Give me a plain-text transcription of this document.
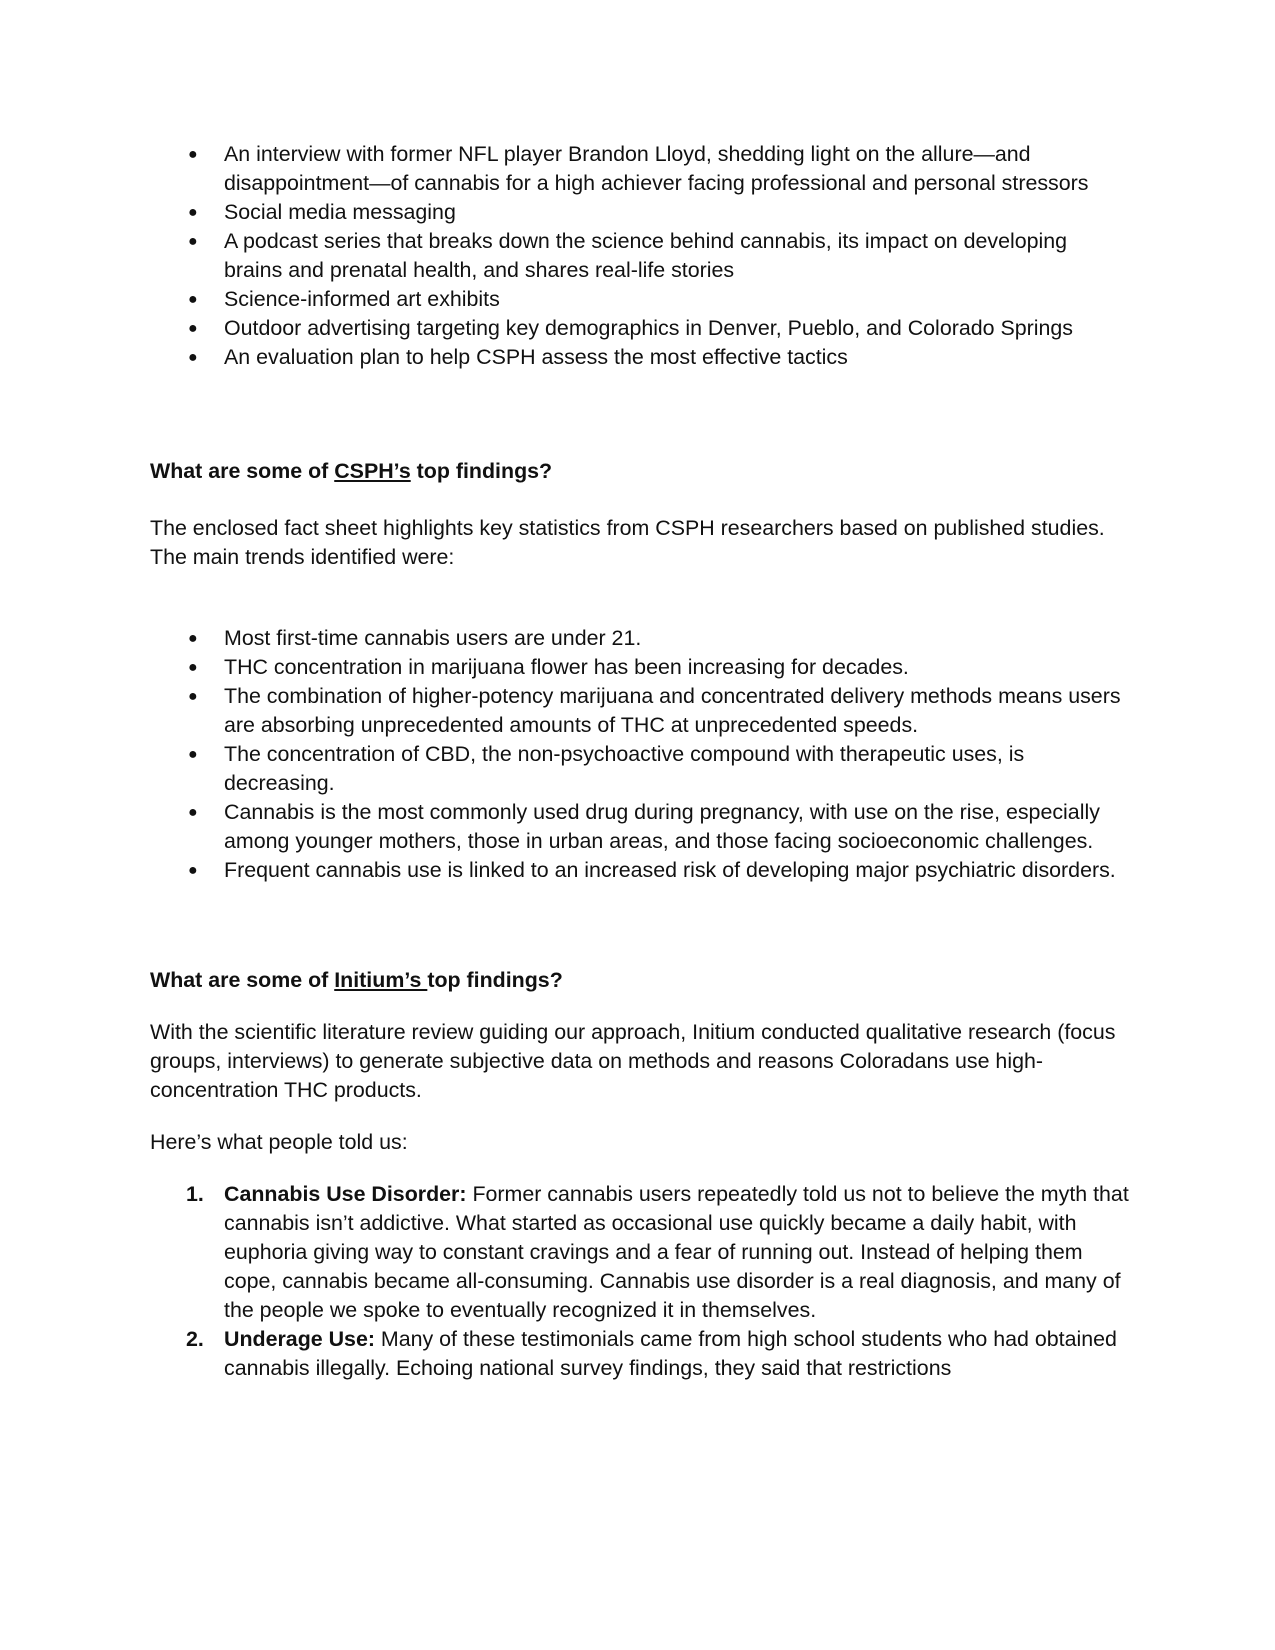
● An interview with former NFL player Brandon Lloyd, shedding light on the allure—and disappointment—of cannabis for a high achiever facing professional and personal stressors
● Social media messaging
● A podcast series that breaks down the science behind cannabis, its impact on developing brains and prenatal health, and shares real-life stories
● Science-informed art exhibits
● Outdoor advertising targeting key demographics in Denver, Pueblo, and Colorado Springs
● An evaluation plan to help CSPH assess the most effective tactics
What are some of CSPH’s top findings?
The enclosed fact sheet highlights key statistics from CSPH researchers based on published studies. The main trends identified were:
● Most first-time cannabis users are under 21.
● THC concentration in marijuana flower has been increasing for decades.
● The combination of higher-potency marijuana and concentrated delivery methods means users are absorbing unprecedented amounts of THC at unprecedented speeds.
● The concentration of CBD, the non-psychoactive compound with therapeutic uses, is decreasing.
● Cannabis is the most commonly used drug during pregnancy, with use on the rise, especially among younger mothers, those in urban areas, and those facing socioeconomic challenges.
● Frequent cannabis use is linked to an increased risk of developing major psychiatric disorders.
What are some of Initium’s top findings?
With the scientific literature review guiding our approach, Initium conducted qualitative research (focus groups, interviews) to generate subjective data on methods and reasons Coloradans use high-concentration THC products.
Here’s what people told us:
1. Cannabis Use Disorder: Former cannabis users repeatedly told us not to believe the myth that cannabis isn’t addictive. What started as occasional use quickly became a daily habit, with euphoria giving way to constant cravings and a fear of running out. Instead of helping them cope, cannabis became all-consuming. Cannabis use disorder is a real diagnosis, and many of the people we spoke to eventually recognized it in themselves.
2. Underage Use: Many of these testimonials came from high school students who had obtained cannabis illegally. Echoing national survey findings, they said that restrictions
